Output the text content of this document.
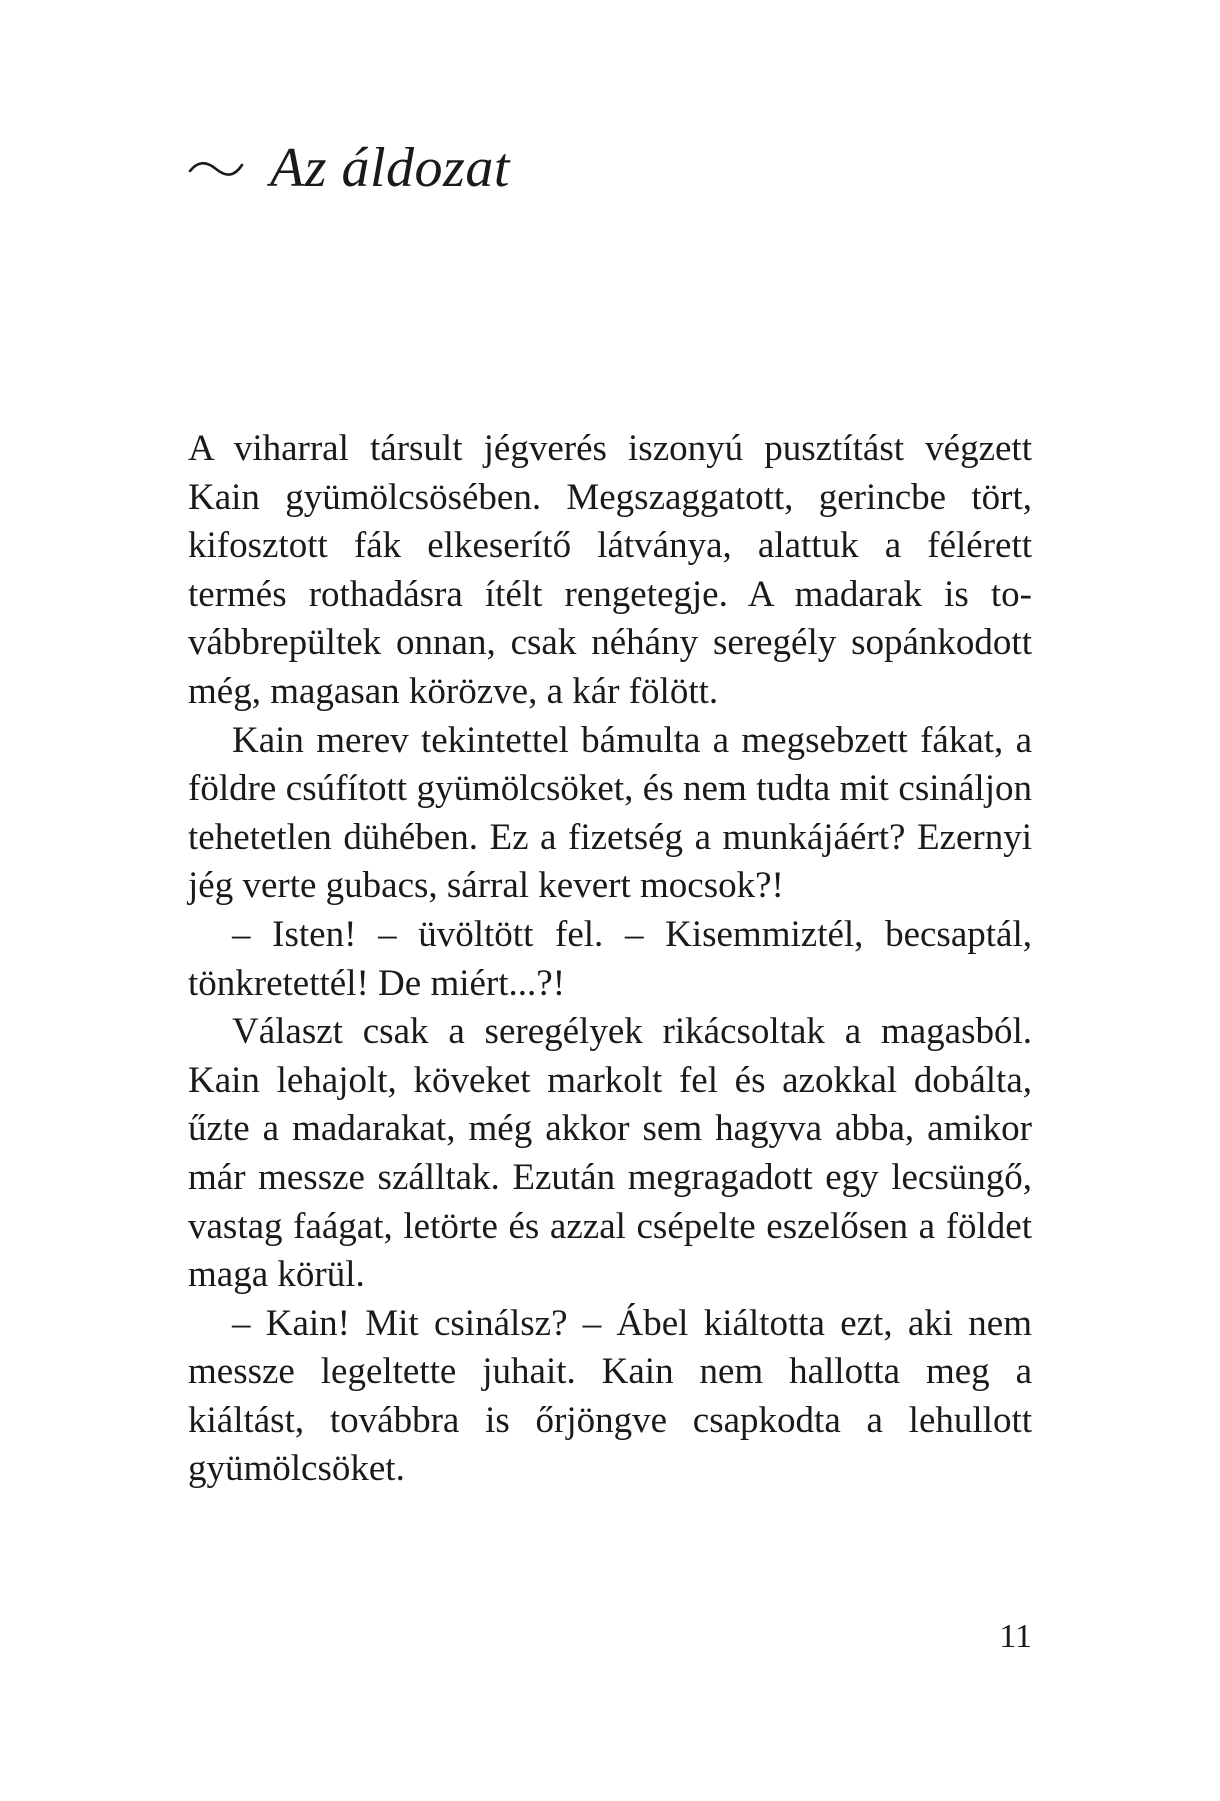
Az áldozat

A viharral társult jégverés iszonyú pusztítást végzett Kain gyümölcsösében. Megszaggatott, gerincbe tört, kifosztott fák elkeserítő látványa, alattuk a félérett termés rothadásra ítélt rengetegje. A madarak is továbbrepültek onnan, csak néhány seregély sopánkodott még, magasan körözve, a kár fölött.

Kain merev tekintettel bámulta a megsebzett fákat, a földre csúfított gyümölcsöket, és nem tudta mit csináljon tehetetlen dühében. Ez a fizetség a munkájáért? Ezernyi jég verte gubacs, sárral kevert mocsok?!

– Isten! – üvöltött fel. – Kisemmiztél, becsaptál, tönkretettél! De miért...?!

Választ csak a seregélyek rikácsoltak a magasból. Kain lehajolt, köveket markolt fel és azokkal dobálta, űzte a madarakat, még akkor sem hagyva abba, amikor már messze szálltak. Ezután megragadott egy lecsüngő, vastag faágat, letörte és azzal csépelte eszelősen a földet maga körül.

– Kain! Mit csinálsz? – Ábel kiáltotta ezt, aki nem messze legeltette juhait. Kain nem hallotta meg a kiáltást, továbbra is őrjöngve csapkodta a lehullott gyümölcsöket.

11
